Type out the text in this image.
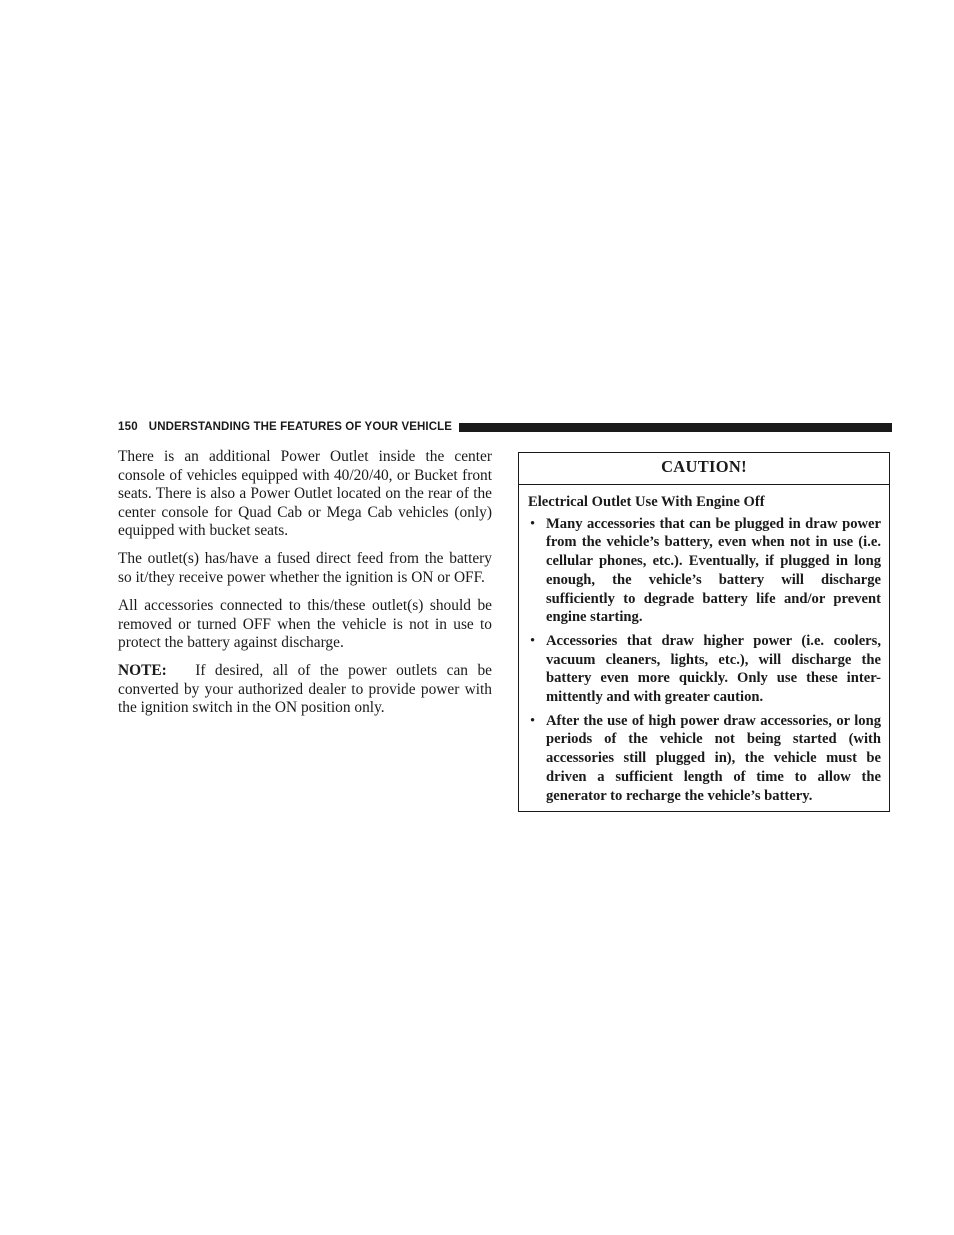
150 UNDERSTANDING THE FEATURES OF YOUR VEHICLE

There is an additional Power Outlet inside the center console of vehicles equipped with 40/20/40, or Bucket front seats. There is also a Power Outlet located on the rear of the center console for Quad Cab or Mega Cab vehicles (only) equipped with bucket seats.

The outlet(s) has/have a fused direct feed from the battery so it/they receive power whether the ignition is ON or OFF.

All accessories connected to this/these outlet(s) should be removed or turned OFF when the vehicle is not in use to protect the battery against discharge.

NOTE: If desired, all of the power outlets can be converted by your authorized dealer to provide power with the ignition switch in the ON position only.

CAUTION!
Electrical Outlet Use With Engine Off
• Many accessories that can be plugged in draw power from the vehicle’s battery, even when not in use (i.e. cellular phones, etc.). Eventually, if plugged in long enough, the vehicle’s battery will discharge sufficiently to degrade battery life and/or prevent engine starting.
• Accessories that draw higher power (i.e. coolers, vacuum cleaners, lights, etc.), will discharge the battery even more quickly. Only use these inter-mittently and with greater caution.
• After the use of high power draw accessories, or long periods of the vehicle not being started (with accessories still plugged in), the vehicle must be driven a sufficient length of time to allow the generator to recharge the vehicle’s battery.
